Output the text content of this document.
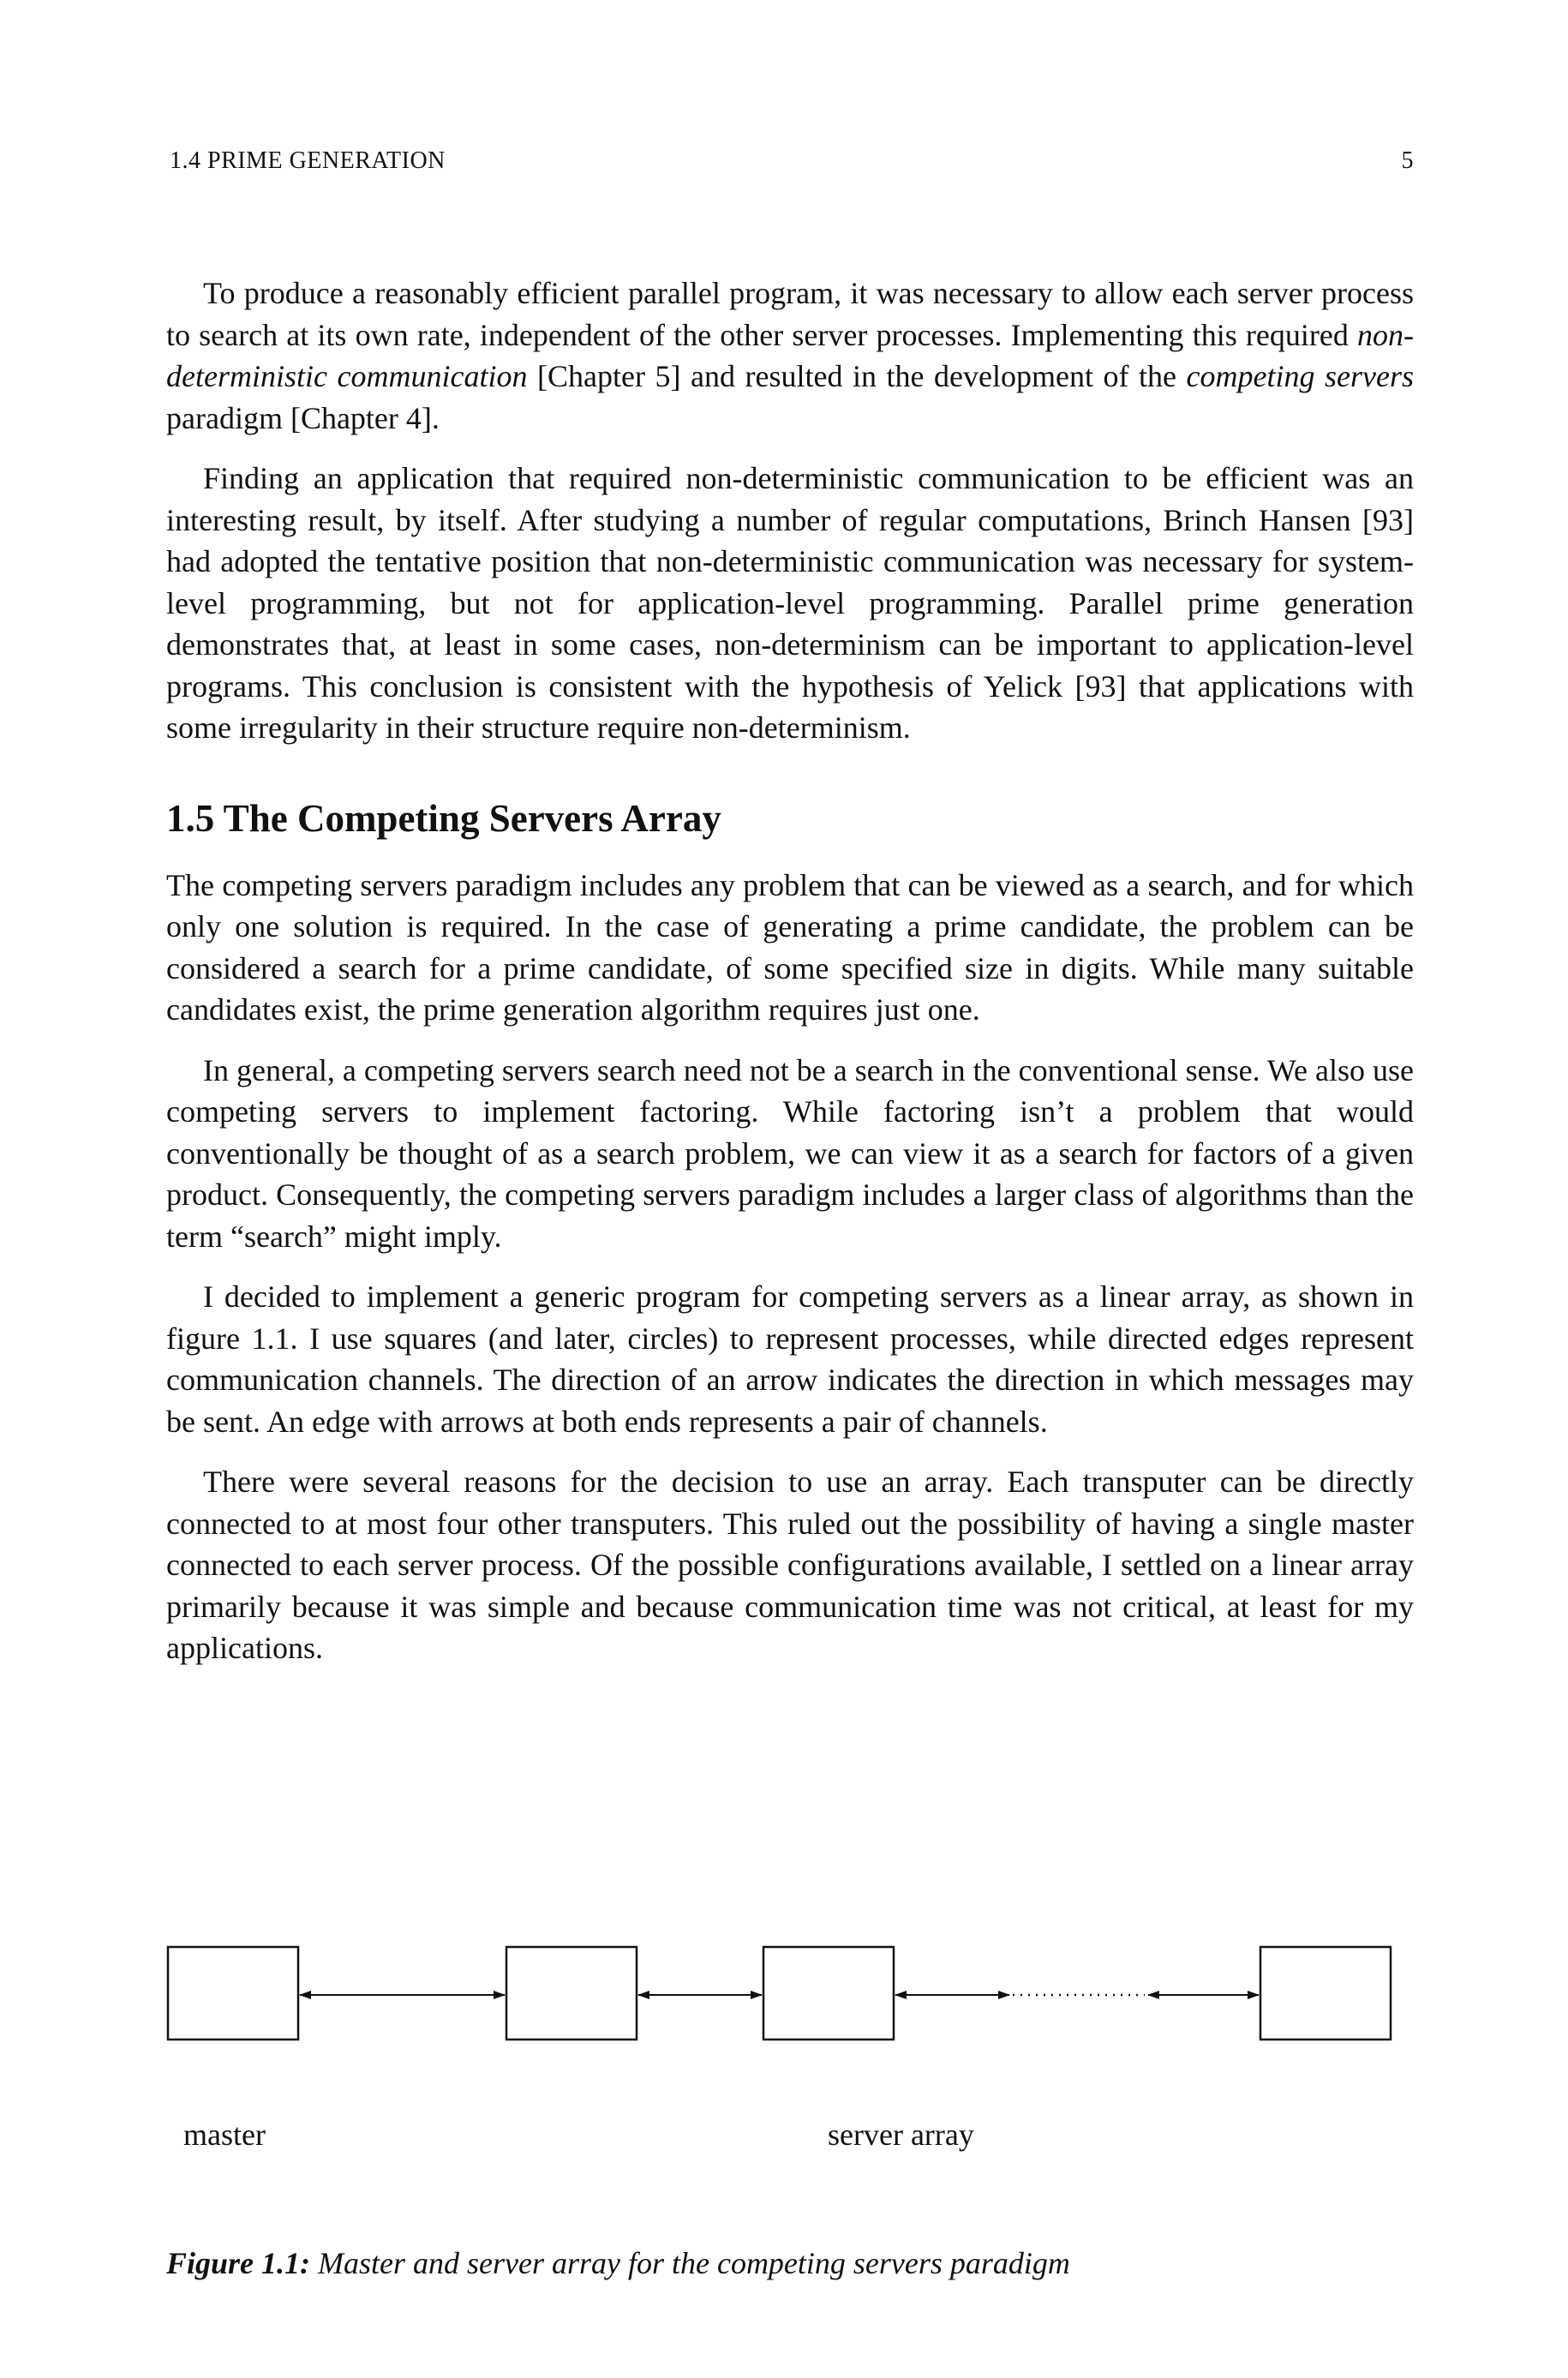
1.4 PRIME GENERATION	5

To produce a reasonably efficient parallel program, it was necessary to allow each server process to search at its own rate, independent of the other server processes. Implementing this required non-deterministic communication [Chapter 5] and resulted in the development of the competing servers paradigm [Chapter 4].

Finding an application that required non-deterministic communication to be efficient was an interesting result, by itself. After studying a number of regular computations, Brinch Hansen [93] had adopted the tentative position that non-deterministic communication was necessary for system-level programming, but not for application-level programming. Parallel prime generation demonstrates that, at least in some cases, non-determinism can be important to application-level programs. This conclusion is consistent with the hypothesis of Yelick [93] that applications with some irregularity in their structure require non-determinism.

1.5 The Competing Servers Array

The competing servers paradigm includes any problem that can be viewed as a search, and for which only one solution is required. In the case of generating a prime candidate, the problem can be considered a search for a prime candidate, of some specified size in digits. While many suitable candidates exist, the prime generation algorithm requires just one.

In general, a competing servers search need not be a search in the conventional sense. We also use competing servers to implement factoring. While factoring isn’t a problem that would conventionally be thought of as a search problem, we can view it as a search for factors of a given product. Consequently, the competing servers paradigm includes a larger class of algorithms than the term “search” might imply.

I decided to implement a generic program for competing servers as a linear array, as shown in figure 1.1. I use squares (and later, circles) to represent processes, while directed edges represent communication channels. The direction of an arrow indicates the direction in which messages may be sent. An edge with arrows at both ends represents a pair of channels.

There were several reasons for the decision to use an array. Each transputer can be directly connected to at most four other transputers. This ruled out the possibility of having a single master connected to each server process. Of the possible configurations available, I settled on a linear array primarily because it was simple and because communication time was not critical, at least for my applications.

master	server array
Figure 1.1: Master and server array for the competing servers paradigm
